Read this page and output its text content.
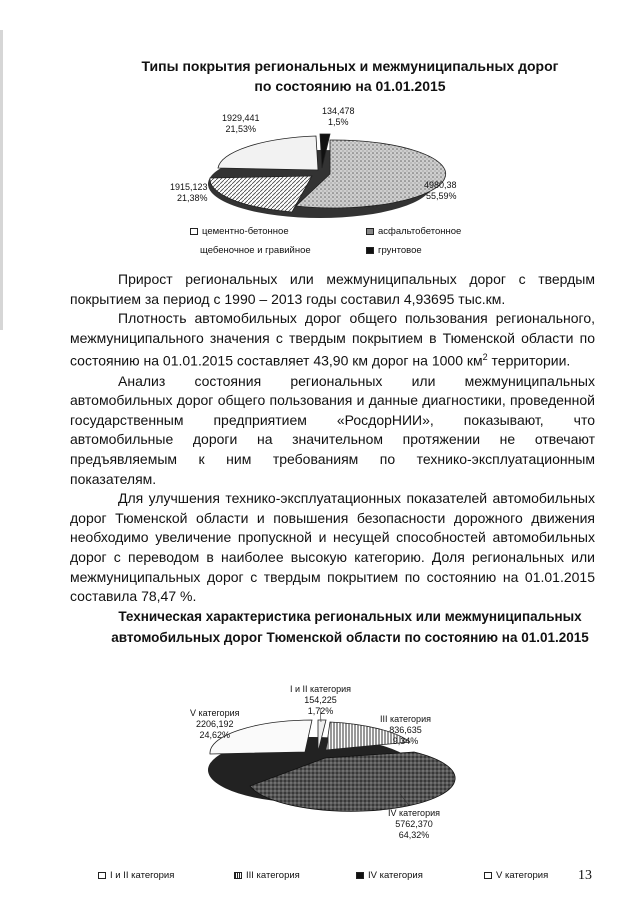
Типы покрытия региональных и межмуниципальных дорог
по состоянию на 01.01.2015
1929,441
21,53%
134,478
1,5%
4980,38
55,59%
1915,123
21,38%
цементно-бетонное	асфальтобетонное
щебеночное и гравийное	грунтовое

Прирост региональных или межмуниципальных дорог с твердым покрытием за период с 1990 – 2013 годы составил 4,93695 тыс.км.

Плотность автомобильных дорог общего пользования регионального, межмуниципального значения с твердым покрытием в Тюменской области по состоянию на 01.01.2015 составляет 43,90 км дорог на 1000 $км^2$ территории.

Анализ состояния региональных или межмуниципальных автомобильных дорог общего пользования и данные диагностики, проведенной государственным предприятием «РосдорНИИ», показывают, что автомобильные дороги на значительном протяжении не отвечают предъявляемым к ним требованиям по технико-эксплуатационным показателям.

Для улучшения технико-эксплуатационных показателей автомобильных дорог Тюменской области и повышения безопасности дорожного движения необходимо увеличение пропускной и несущей способностей автомобильных дорог с переводом в наиболее высокую категорию. Доля региональных или межмуниципальных дорог с твердым покрытием по состоянию на 01.01.2015 составила 78,47 %.

Техническая характеристика региональных или межмуниципальных
автомобильных дорог Тюменской области по состоянию на 01.01.2015
I и II категория
154,225
1,72%
III категория
836,635
9,34%
IV категория
5762,370
64,32%
V категория
2206,192
24,62%
I и II категория	III категория	IV категория	V категория 13
